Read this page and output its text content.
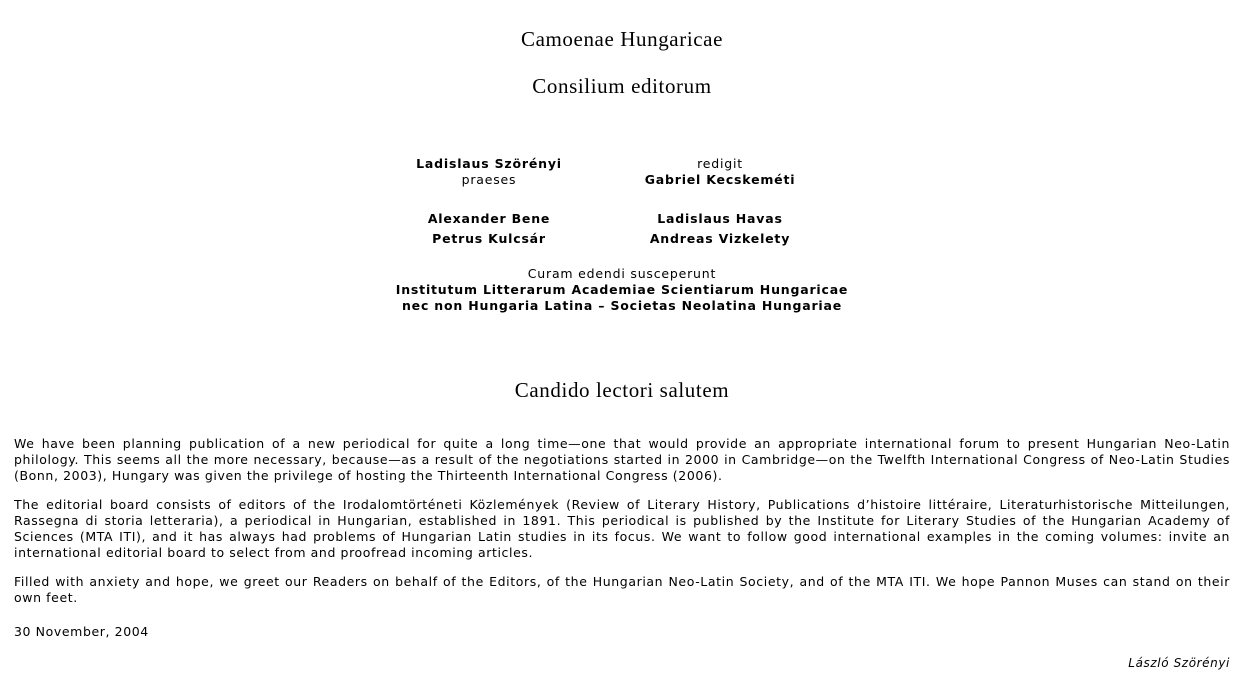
Camoenae Hungaricae
Consilium editorum
Ladislaus Szörényi
praeses
redigit
Gabriel Kecskeméti
Alexander Bene	Ladislaus Havas
Petrus Kulcsár	Andreas Vizkelety
Curam edendi susceperunt
Institutum Litterarum Academiae Scientiarum Hungaricae
nec non Hungaria Latina – Societas Neolatina Hungariae
Candido lectori salutem
We have been planning publication of a new periodical for quite a long time—one that would provide an appropriate international forum to present Hungarian Neo-Latin philology. This seems all the more necessary, because—as a result of the negotiations started in 2000 in Cambridge—on the Twelfth International Congress of Neo-Latin Studies (Bonn, 2003), Hungary was given the privilege of hosting the Thirteenth International Congress (2006).
The editorial board consists of editors of the Irodalomtörténeti Közlemények (Review of Literary History, Publications d’histoire littéraire, Literaturhistorische Mitteilungen, Rassegna di storia letteraria), a periodical in Hungarian, established in 1891. This periodical is published by the Institute for Literary Studies of the Hungarian Academy of Sciences (MTA ITI), and it has always had problems of Hungarian Latin studies in its focus. We want to follow good international examples in the coming volumes: invite an international editorial board to select from and proofread incoming articles.
Filled with anxiety and hope, we greet our Readers on behalf of the Editors, of the Hungarian Neo-Latin Society, and of the MTA ITI. We hope Pannon Muses can stand on their own feet.
30 November, 2004
László Szörényi
